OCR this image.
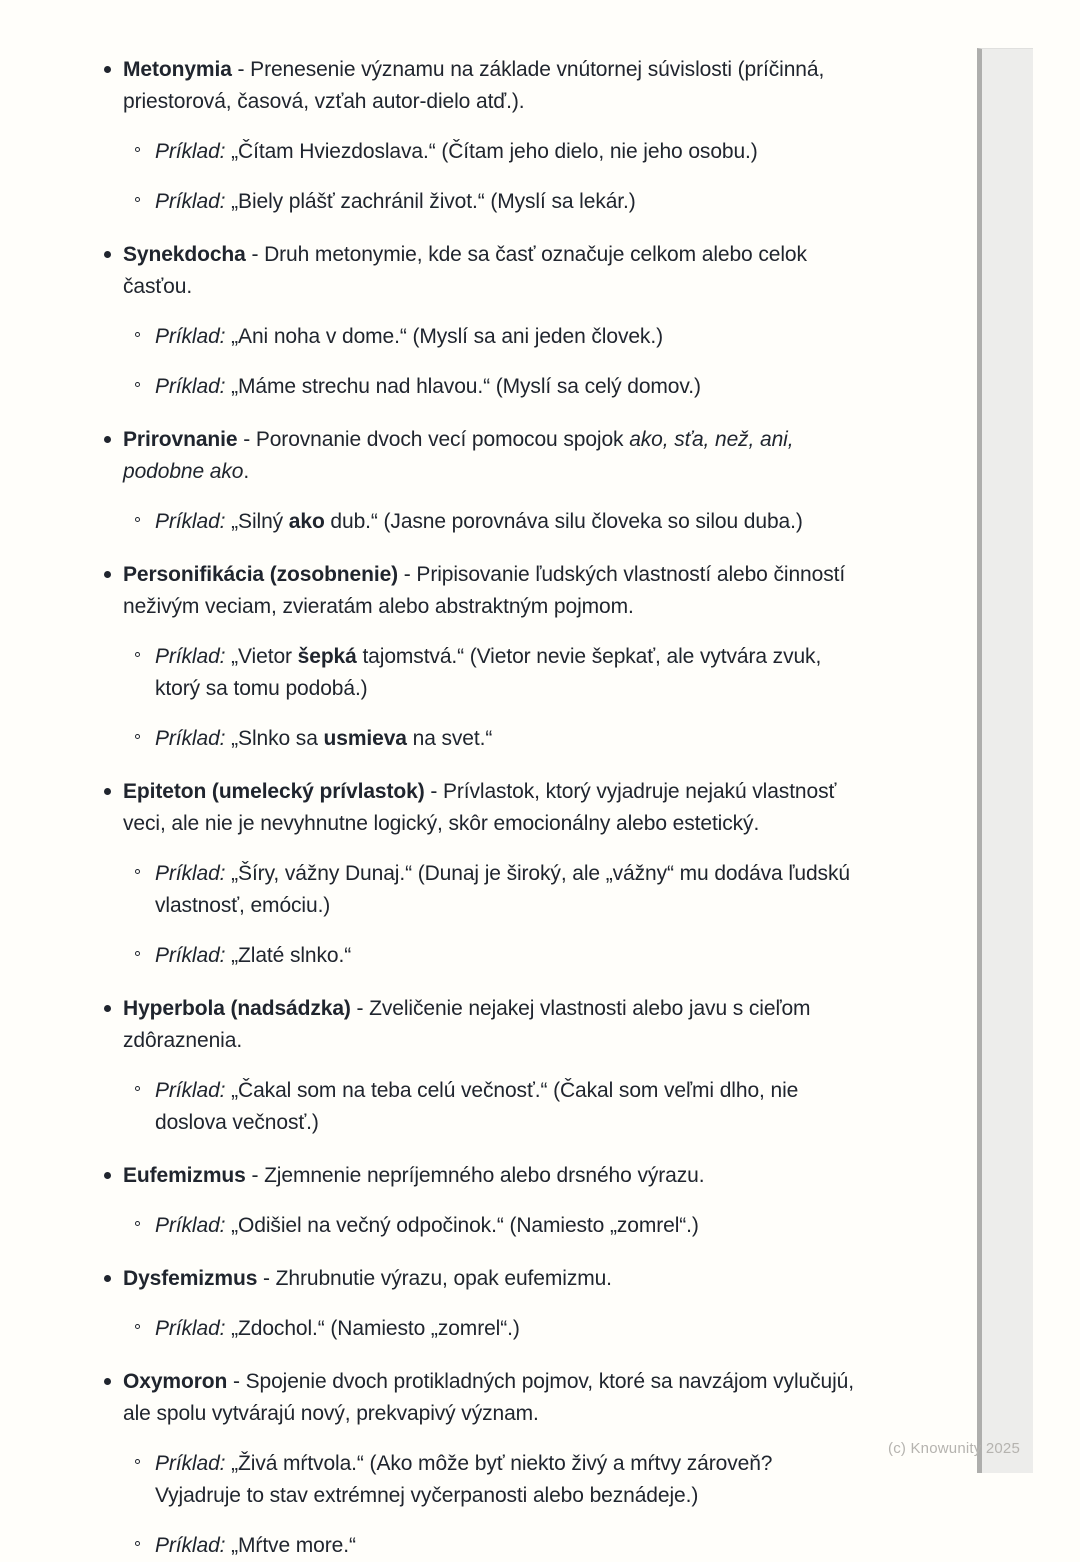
Metonymia - Prenesenie významu na základe vnútornej súvislosti (príčinná, priestorová, časová, vzťah autor-dielo atď.).
Príklad: „Čítam Hviezdoslava.“ (Čítam jeho dielo, nie jeho osobu.)
Príklad: „Biely plášť zachránil život.“ (Myslí sa lekár.)
Synekdocha - Druh metonymie, kde sa časť označuje celkom alebo celok časťou.
Príklad: „Ani noha v dome.“ (Myslí sa ani jeden človek.)
Príklad: „Máme strechu nad hlavou.“ (Myslí sa celý domov.)
Prirovnanie - Porovnanie dvoch vecí pomocou spojok ako, sťa, než, ani, podobne ako.
Príklad: „Silný ako dub.“ (Jasne porovnáva silu človeka so silou duba.)
Personifikácia (zosobnenie) - Pripisovanie ľudských vlastností alebo činností neživým veciam, zvieratám alebo abstraktným pojmom.
Príklad: „Vietor šepká tajomstvá.“ (Vietor nevie šepkať, ale vytvára zvuk, ktorý sa tomu podobá.)
Príklad: „Slnko sa usmieva na svet.“
Epiteton (umelecký prívlastok) - Prívlastok, ktorý vyjadruje nejakú vlastnosť veci, ale nie je nevyhnutne logický, skôr emocionálny alebo estetický.
Príklad: „Šíry, vážny Dunaj.“ (Dunaj je široký, ale „vážny“ mu dodáva ľudskú vlastnosť, emóciu.)
Príklad: „Zlaté slnko.“
Hyperbola (nadsádzka) - Zveličenie nejakej vlastnosti alebo javu s cieľom zdôraznenia.
Príklad: „Čakal som na teba celú večnosť.“ (Čakal som veľmi dlho, nie doslova večnosť.)
Eufemizmus - Zjemnenie nepríjemného alebo drsného výrazu.
Príklad: „Odišiel na večný odpočinok.“ (Namiesto „zomrel“.)
Dysfemizmus - Zhrubnutie výrazu, opak eufemizmu.
Príklad: „Zdochol.“ (Namiesto „zomrel“.)
Oxymoron - Spojenie dvoch protikladných pojmov, ktoré sa navzájom vylučujú, ale spolu vytvárajú nový, prekvapivý význam.
Príklad: „Živá mŕtvola.“ (Ako môže byť niekto živý a mŕtvy zároveň? Vyjadruje to stav extrémnej vyčerpanosti alebo beznádeje.)
Príklad: „Mŕtve more.“
(c) Knowunity 2025
